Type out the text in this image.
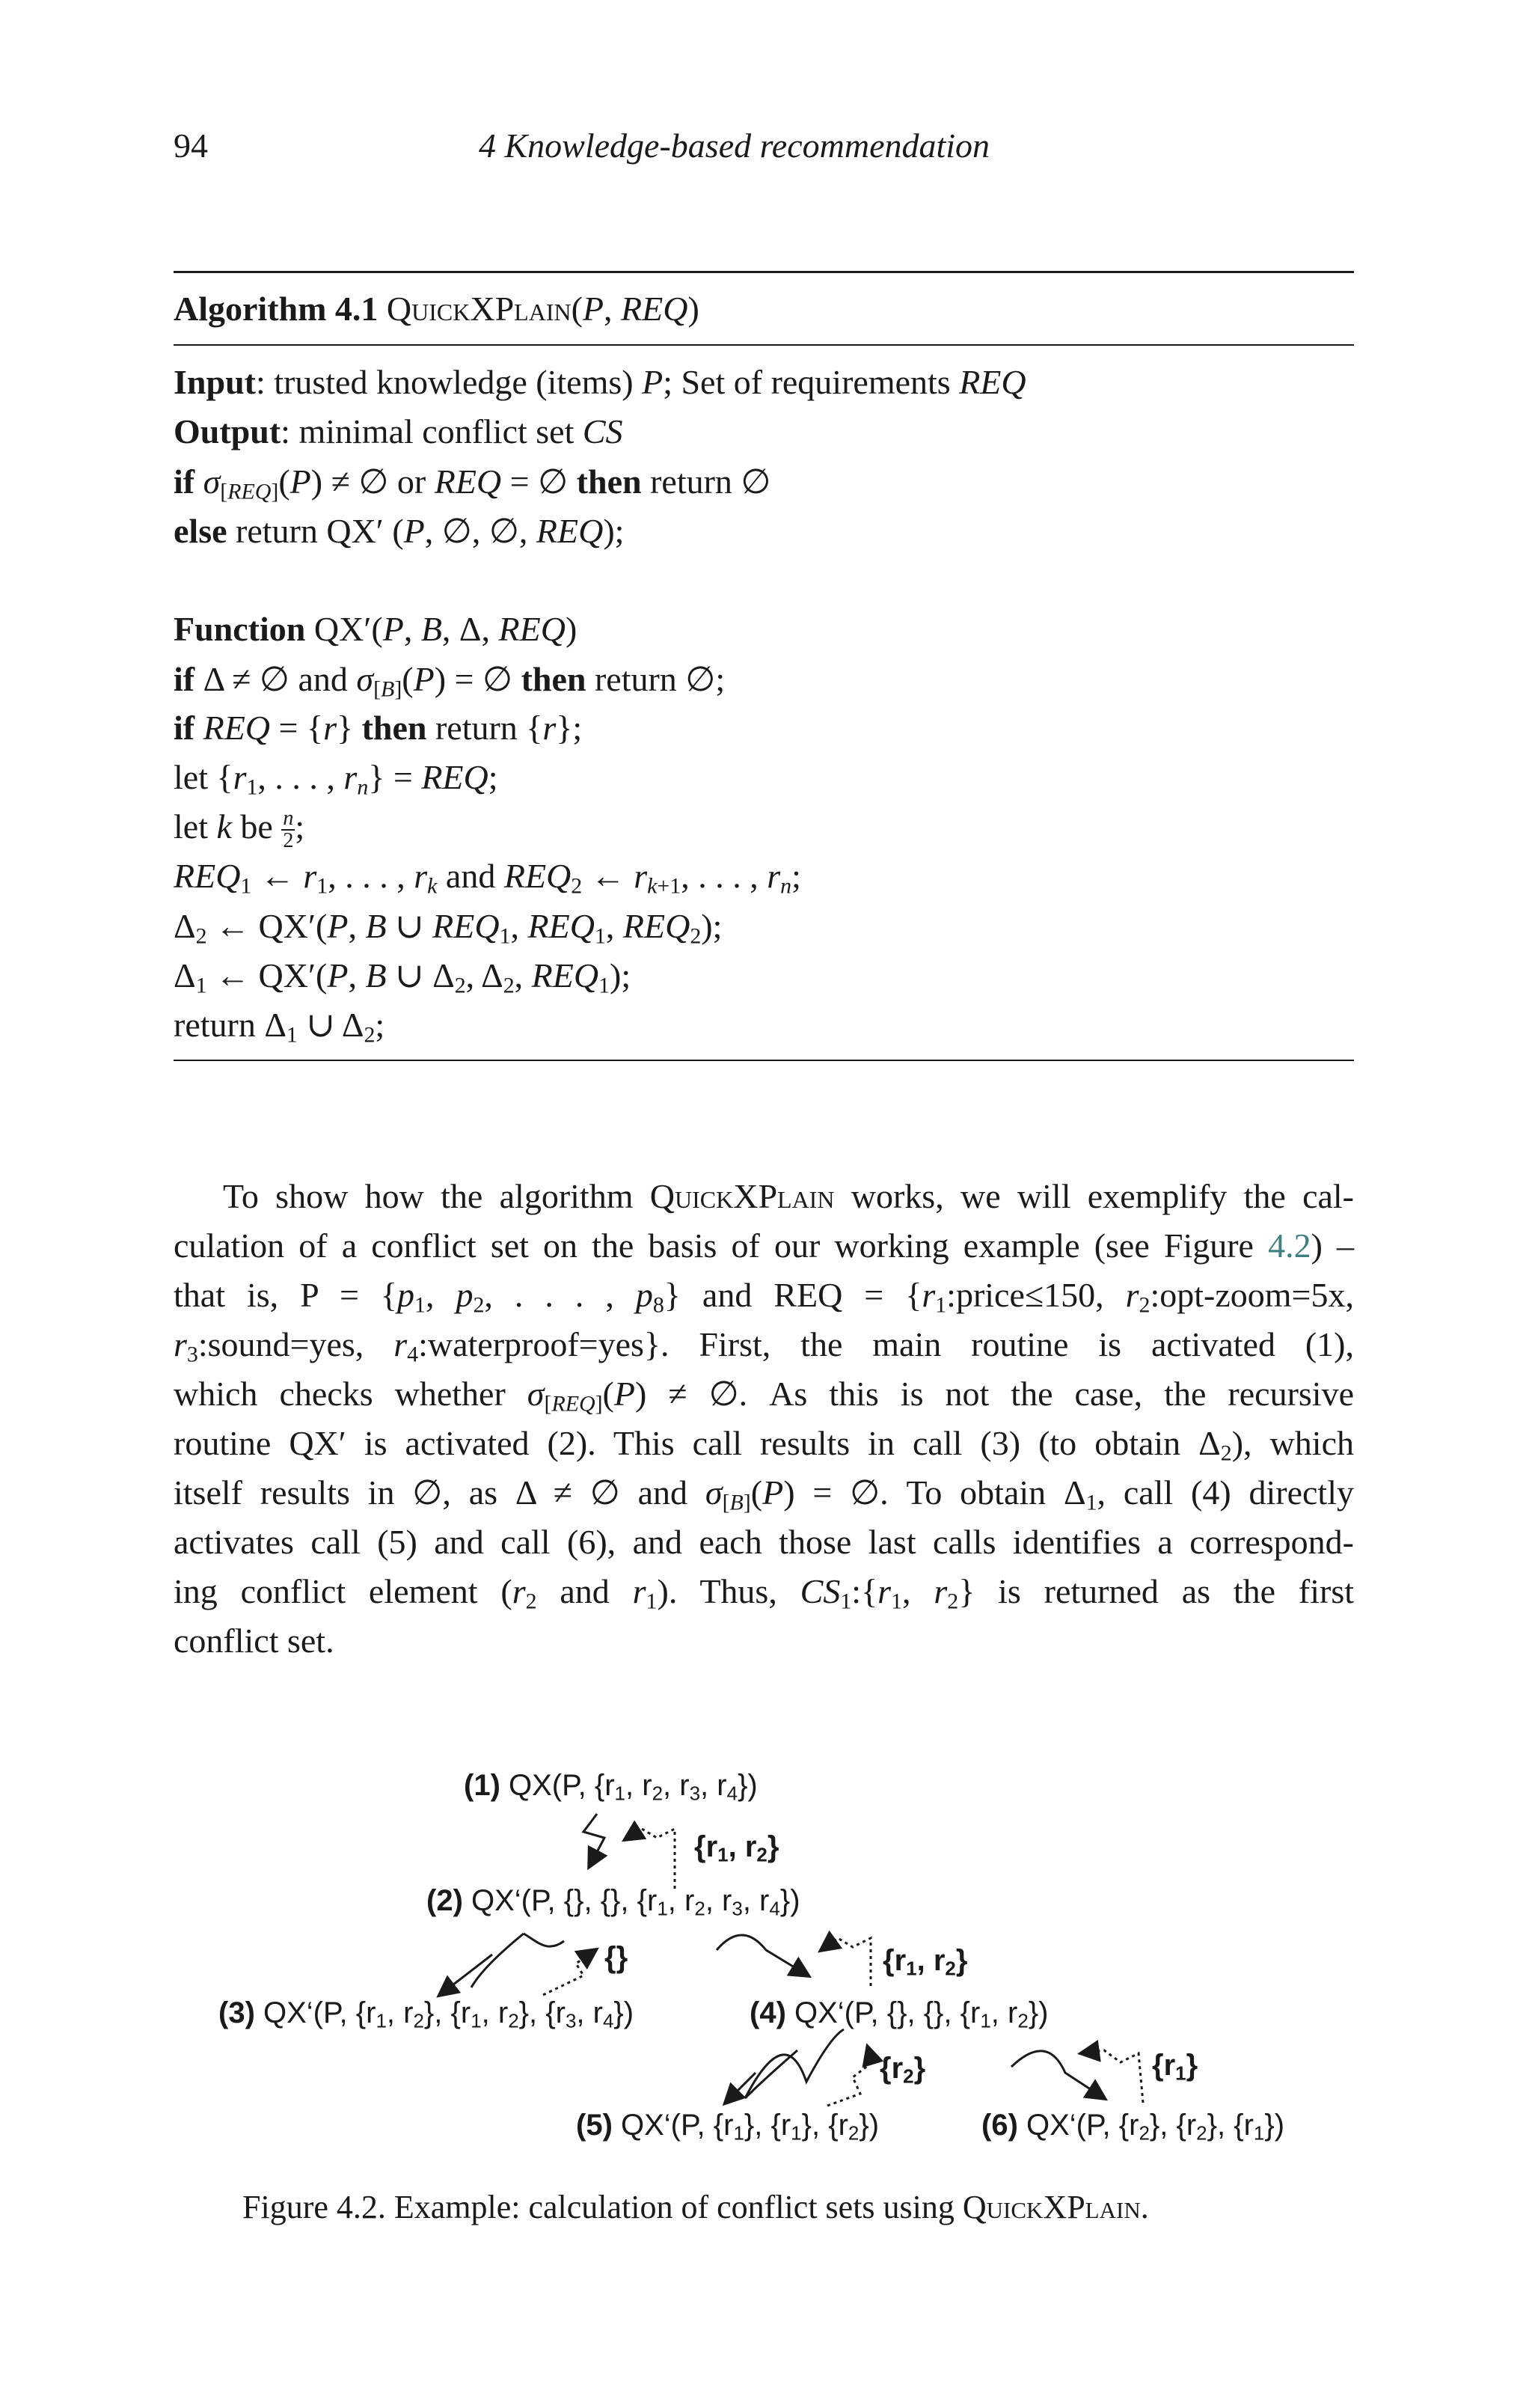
94	4 Knowledge-based recommendation
Algorithm 4.1 QuickXPlain(P, REQ)
Input: trusted knowledge (items) P; Set of requirements REQ
Output: minimal conflict set CS
if $\sigma_{[REQ]}(P)$ ≠ ∅ or REQ = ∅ then return ∅
else return QX′ (P, ∅, ∅, REQ);
Function QX′(P, B, Δ, REQ)
if Δ ≠ ∅ and $\sigma_{[B]}(P)$ = ∅ then return ∅;
if REQ = {r} then return {r};
let {$r_1$, . . . , $r_n$} = REQ;
let k be $\frac{n}{2}$;
$REQ_1$ ← $r_1$, . . . , $r_k$ and $REQ_2$ ← $r_{k+1}$, . . . , $r_n$;
$\Delta_2$ ← QX′(P, B ∪ $REQ_1$, $REQ_1$, $REQ_2$);
$\Delta_1$ ← QX′(P, B ∪ $\Delta_2$, $\Delta_2$, $REQ_1$);
return $\Delta_1$ ∪ $\Delta_2$;
To show how the algorithm QuickXPlain works, we will exemplify the cal-
culation of a conflict set on the basis of our working example (see Figure 4.2) –
that is, $P = \{p_1$, $p_2$, . . . , $p_8$} and REQ = {$r_1:price\le 150$, $r_2:opt-zoom=5x$,
$r_3:sound=yes$, $r_4:waterproof=yes$}. First, the main routine is activated (1),
which checks whether $\sigma_{[REQ]}(P)$ ≠ ∅. As this is not the case, the recursive
routine QX′ is activated (2). This call results in call (3) (to obtain $\Delta_2$), which
itself results in ∅, as Δ ≠ ∅ and $\sigma_{[B]}(P)$ = ∅. To obtain $\Delta_1$, call (4) directly
activates call (5) and call (6), and each those last calls identifies a correspond-
ing conflict element ($r_2$ and $r_1$). Thus, $CS_1:\{r_1$, $r_2$} is returned as the first
conflict set.
(1) QX(P, {$r_1$, $r_2$, $r_3$, $r_4$})
{$r_1$, $r_2$}
(2) QX‘(P, {}, {}, {$r_1$, $r_2$, $r_3$, $r_4$})
{}	{$r_1$, $r_2$}
(3) QX‘(P, {$r_1$, $r_2$}, {$r_1$, $r_2$}, {$r_3$, $r_4$})	(4) QX‘(P, {}, {}, {$r_1$, $r_2$})
$\{r_2\}$	$\{r_1\}$
(5) QX‘(P, $\{r_1\}$, $\{r_1\}$, $\{r_2\}$)	(6) QX‘(P, $\{r_2\}$, $\{r_2\}$, $\{r_1\}$)
Figure 4.2. Example: calculation of conflict sets using QuickXPlain.
